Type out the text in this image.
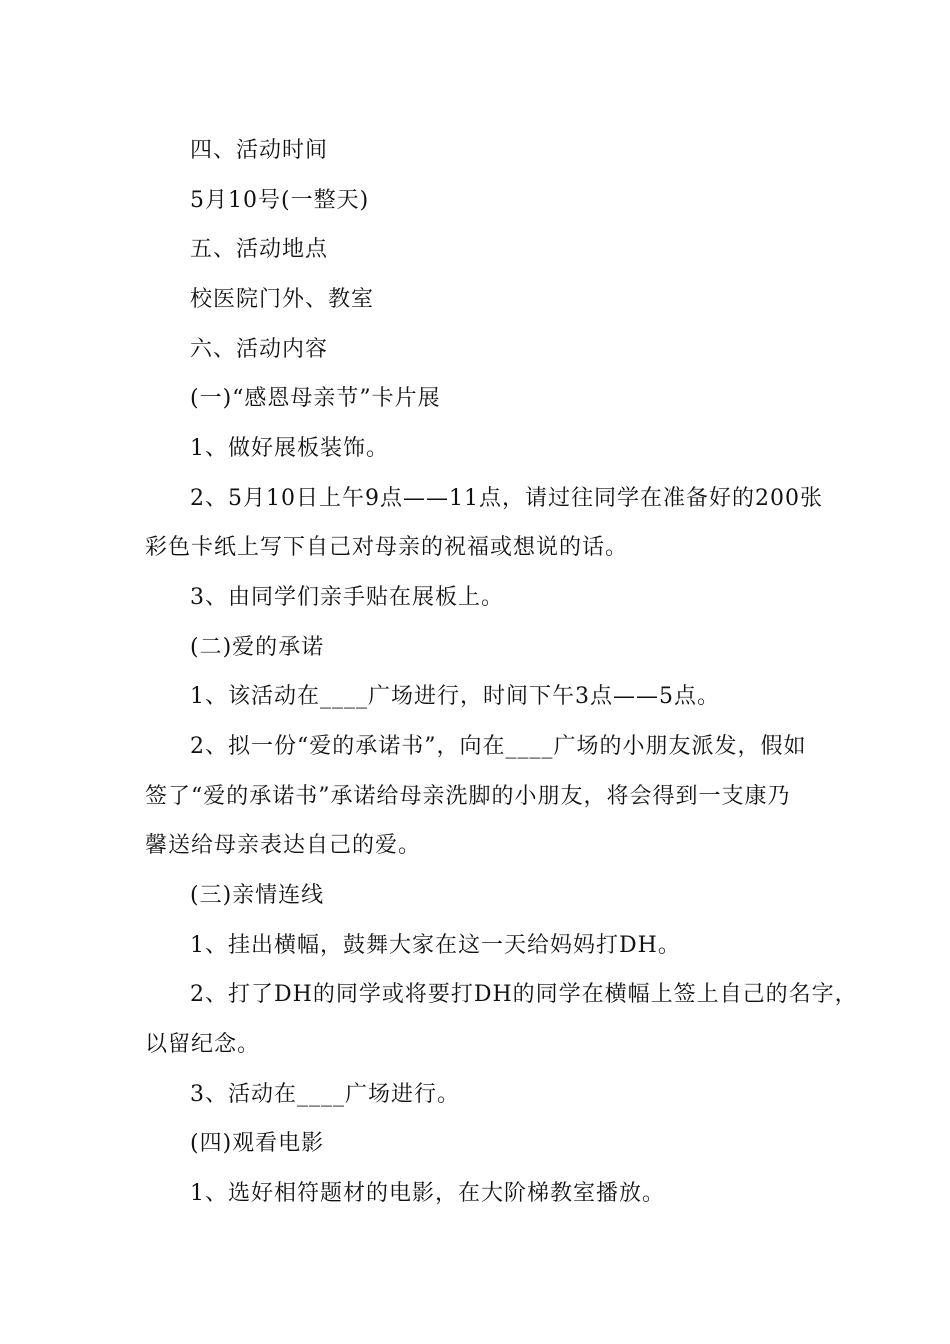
四、活动时间

5月10号(一整天)

五、活动地点

校医院门外、教室

六、活动内容

(一)“感恩母亲节”卡片展

1、做好展板装饰。

2、5月10日上午9点——11点，请过往同学在准备好的200张

彩色卡纸上写下自己对母亲的祝福或想说的话。

3、由同学们亲手贴在展板上。

(二)爱的承诺

1、该活动在____广场进行，时间下午3点——5点。

2、拟一份“爱的承诺书”，向在____广场的小朋友派发，假如

签了“爱的承诺书”承诺给母亲洗脚的小朋友，将会得到一支康乃

馨送给母亲表达自己的爱。

(三)亲情连线

1、挂出横幅，鼓舞大家在这一天给妈妈打DH。

2、打了DH的同学或将要打DH的同学在横幅上签上自己的名字，

以留纪念。

3、活动在____广场进行。

(四)观看电影

1、选好相符题材的电影，在大阶梯教室播放。
